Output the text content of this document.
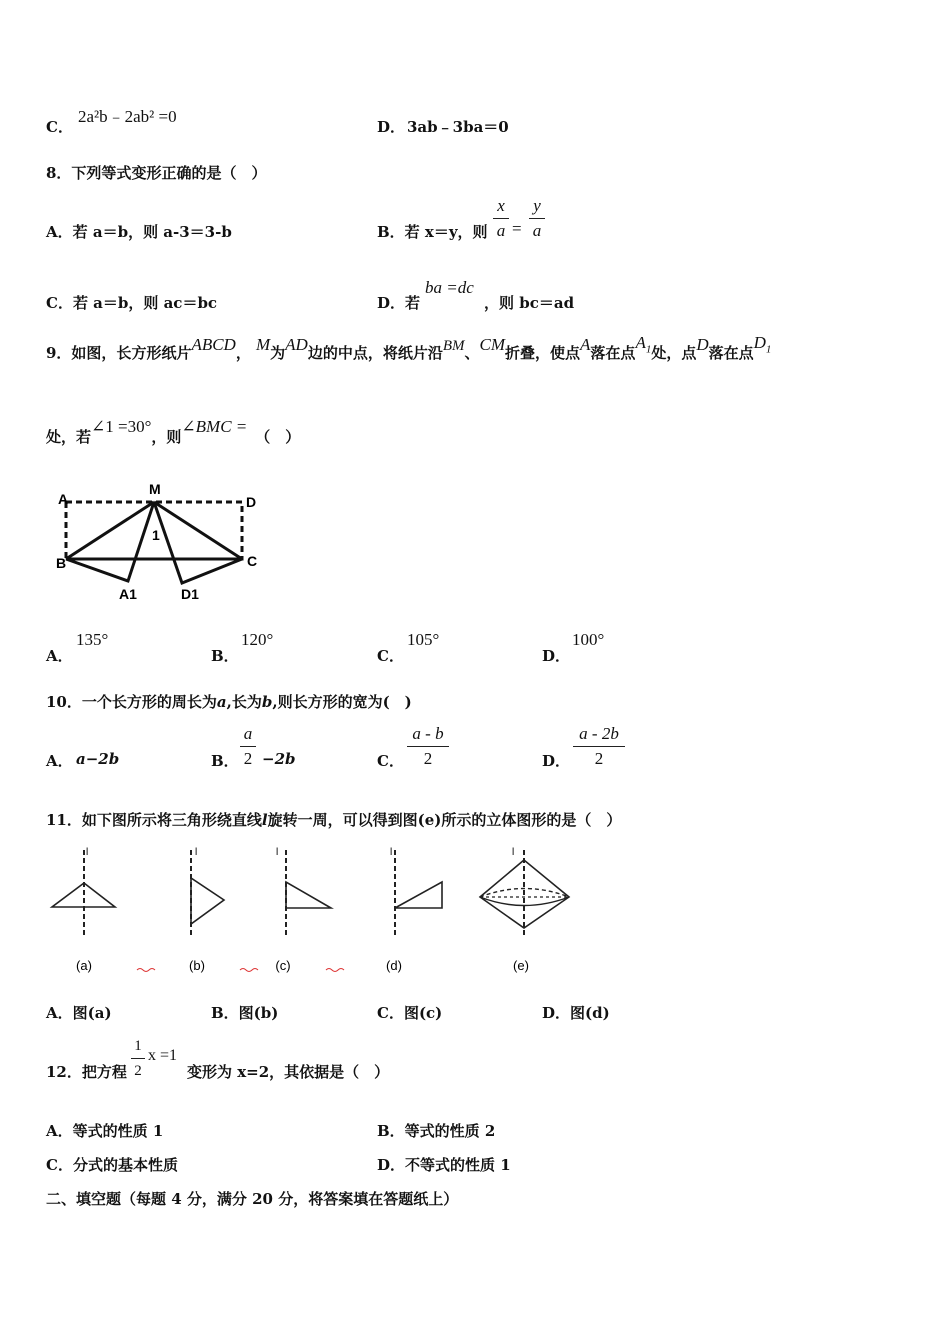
C．
2a²b﹣2ab² =0
D． 3ab﹣3ba＝0
8．下列等式变形正确的是（　）
A．若 a＝b，则 a-3＝3-b	B．若 x＝y，则
x
a =
y
a
C．若 a＝b，则 ac＝bc	D．若
ba =dc
，则 bc＝ad
9．如图，长方形纸片ABCD， M为AD边的中点，将纸片沿BM、CM折叠，使点A落在点$A_1$处，点D落在点$D_1$
处，若∠1 =30°，则∠BMC =（　）
A
M
D
B	C
1
A1	D1
A．
135°
B．
120°
C．
105°
D．
100°
10．一个长方形的周长为a,长为b,则长方形的宽为(　)
A． a−2b	B．
a
2 −2b	C．
a - b
2	D．
a - 2b
2
11．如下图所示将三角形绕直线l旋转一周，可以得到图(e)所示的立体图形的是（　）
l
(a)
l
(b)
l
(c)
l
(d)
l
(e)
A．图(a)	B．图(b)	C．图(c)	D．图(d)
12．把方程
1
2
x =1
变形为 x=2，其依据是（　）
A．等式的性质 1	B．等式的性质 2
C．分式的基本性质	D．不等式的性质 1
二、填空题（每题 4 分，满分 20 分，将答案填在答题纸上）
